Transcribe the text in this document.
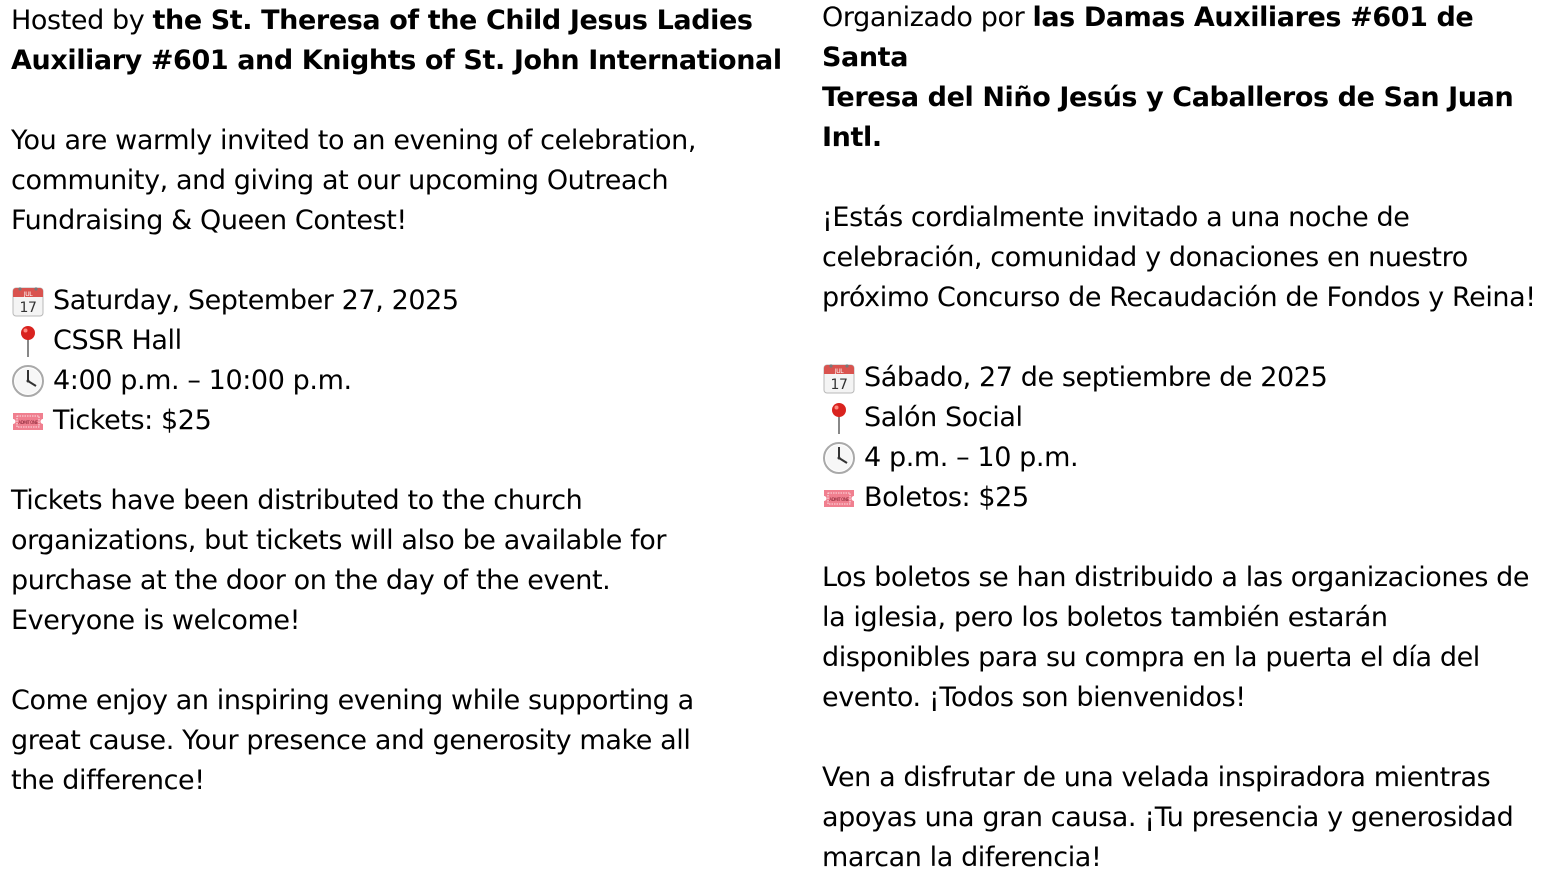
Hosted by the St. Theresa of the Child Jesus Ladies
Auxiliary #601 and Knights of St. John International

You are warmly invited to an evening of celebration,
community, and giving at our upcoming Outreach
Fundraising & Queen Contest!

JUL
17 Saturday, September 27, 2025
CSSR Hall
4:00 p.m. – 10:00 p.m.
ADMIT ONE Tickets: $25

Tickets have been distributed to the church
organizations, but tickets will also be available for
purchase at the door on the day of the event.
Everyone is welcome!

Come enjoy an inspiring evening while supporting a
great cause. Your presence and generosity make all
the difference!

Organizado por las Damas Auxiliares #601 de Santa
Teresa del Niño Jesús y Caballeros de San Juan Intl.

¡Estás cordialmente invitado a una noche de
celebración, comunidad y donaciones en nuestro
próximo Concurso de Recaudación de Fondos y Reina!

JUL
17 Sábado, 27 de septiembre de 2025
Salón Social
4 p.m. – 10 p.m.
ADMIT ONE Boletos: $25

Los boletos se han distribuido a las organizaciones de
la iglesia, pero los boletos también estarán
disponibles para su compra en la puerta el día del
evento. ¡Todos son bienvenidos!

Ven a disfrutar de una velada inspiradora mientras
apoyas una gran causa. ¡Tu presencia y generosidad
marcan la diferencia!
